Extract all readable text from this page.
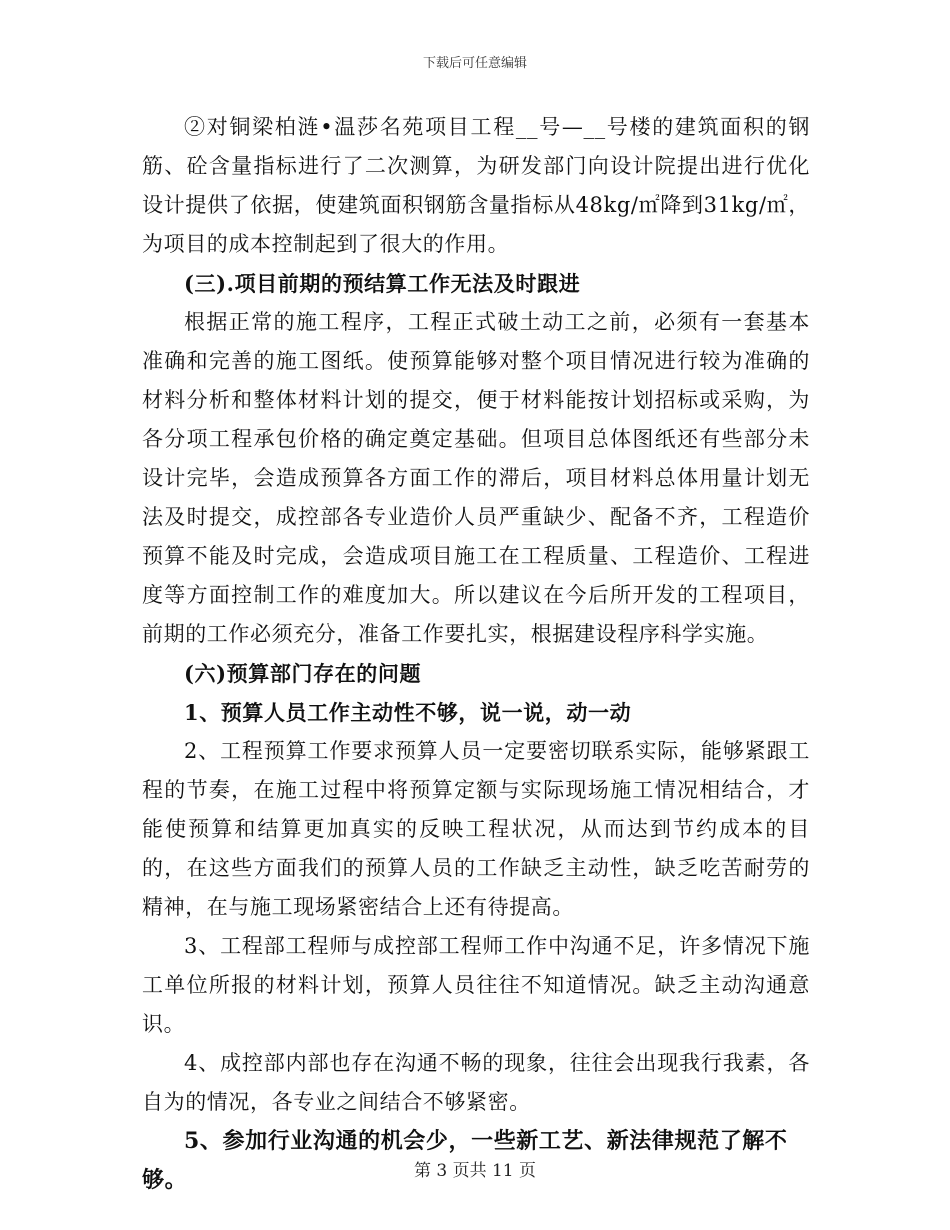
下载后可任意编辑

②对铜梁柏涟•温莎名苑项目工程__号—__号楼的建筑面积的钢筋、砼含量指标进行了二次测算，为研发部门向设计院提出进行优化设计提供了依据，使建筑面积钢筋含量指标从48kg/㎡降到31kg/㎡，为项目的成本控制起到了很大的作用。

(三).项目前期的预结算工作无法及时跟进

根据正常的施工程序，工程正式破土动工之前，必须有一套基本准确和完善的施工图纸。使预算能够对整个项目情况进行较为准确的材料分析和整体材料计划的提交，便于材料能按计划招标或采购，为各分项工程承包价格的确定奠定基础。但项目总体图纸还有些部分未设计完毕，会造成预算各方面工作的滞后，项目材料总体用量计划无法及时提交，成控部各专业造价人员严重缺少、配备不齐，工程造价预算不能及时完成，会造成项目施工在工程质量、工程造价、工程进度等方面控制工作的难度加大。所以建议在今后所开发的工程项目，前期的工作必须充分，准备工作要扎实，根据建设程序科学实施。

(六)预算部门存在的问题

1、预算人员工作主动性不够，说一说，动一动

2、工程预算工作要求预算人员一定要密切联系实际，能够紧跟工程的节奏，在施工过程中将预算定额与实际现场施工情况相结合，才能使预算和结算更加真实的反映工程状况，从而达到节约成本的目的，在这些方面我们的预算人员的工作缺乏主动性，缺乏吃苦耐劳的精神，在与施工现场紧密结合上还有待提高。

3、工程部工程师与成控部工程师工作中沟通不足，许多情况下施工单位所报的材料计划，预算人员往往不知道情况。缺乏主动沟通意识。

4、成控部内部也存在沟通不畅的现象，往往会出现我行我素，各自为的情况，各专业之间结合不够紧密。

5、参加行业沟通的机会少，一些新工艺、新法律规范了解不够。	第 3 页共 11 页
